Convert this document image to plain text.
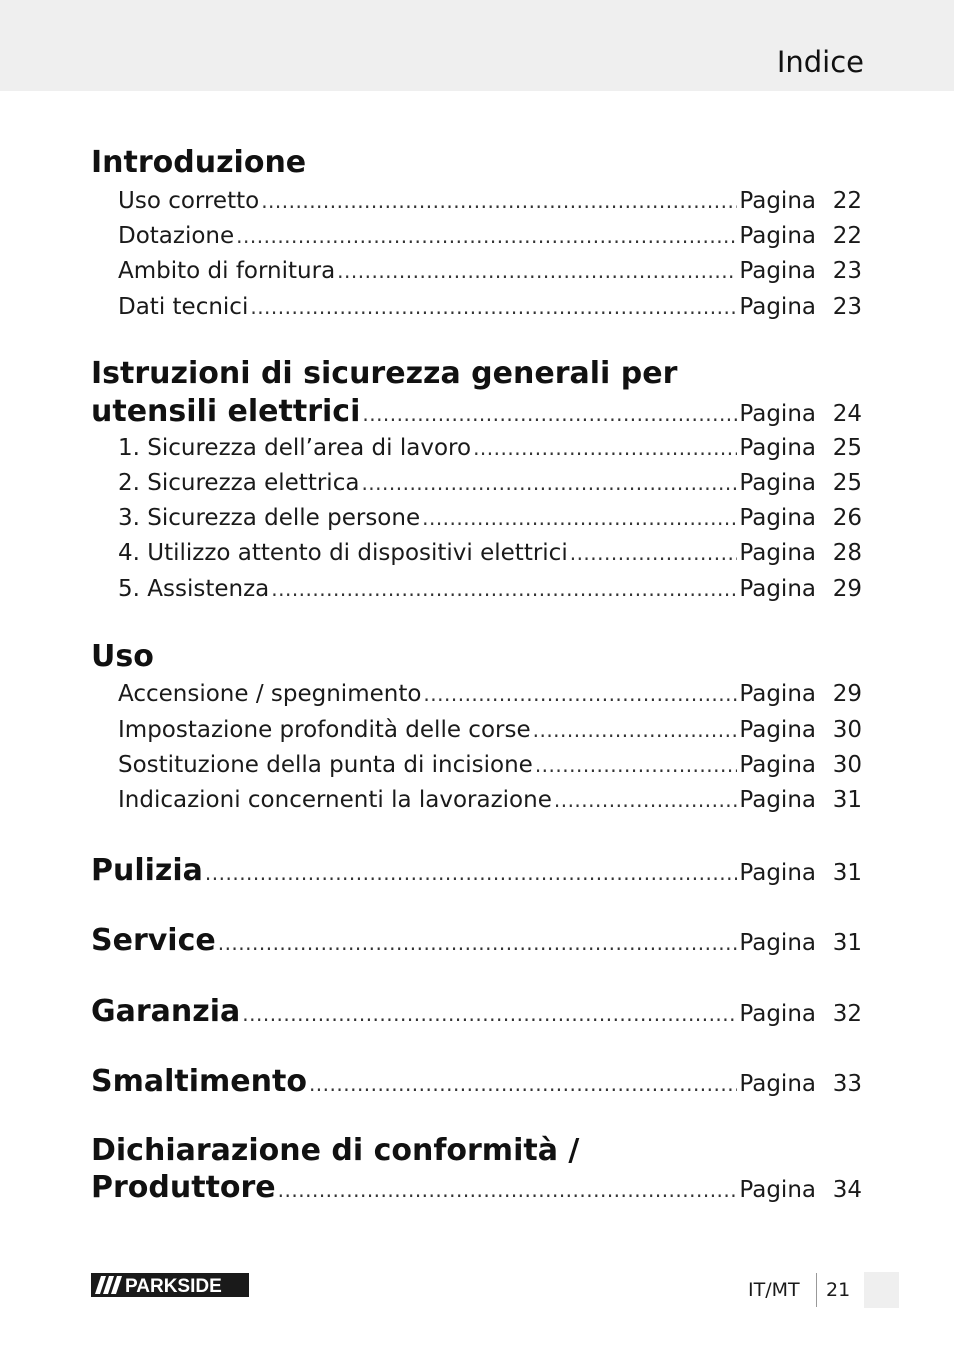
Indice
Introduzione
Uso corretto .....	Pagina 22
Dotazione .....	Pagina 22
Ambito di fornitura .....	Pagina 23
Dati tecnici .....	Pagina 23
Istruzioni di sicurezza generali per
utensili elettrici .....	Pagina 24
1. Sicurezza dell’area di lavoro .....	Pagina 25
2. Sicurezza elettrica .....	Pagina 25
3. Sicurezza delle persone .....	Pagina 26
4. Utilizzo attento di dispositivi elettrici .....	Pagina 28
5. Assistenza .....	Pagina 29
Uso
Accensione / spegnimento .....	Pagina 29
Impostazione profondità delle corse .....	Pagina 30
Sostituzione della punta di incisione .....	Pagina 30
Indicazioni concernenti la lavorazione .....	Pagina 31
Pulizia .....	Pagina 31
Service .....	Pagina 31
Garanzia .....	Pagina 32
Smaltimento .....	Pagina 33
Dichiarazione di conformità /
Produttore .....	Pagina 34
PARKSIDE	IT/MT 21
